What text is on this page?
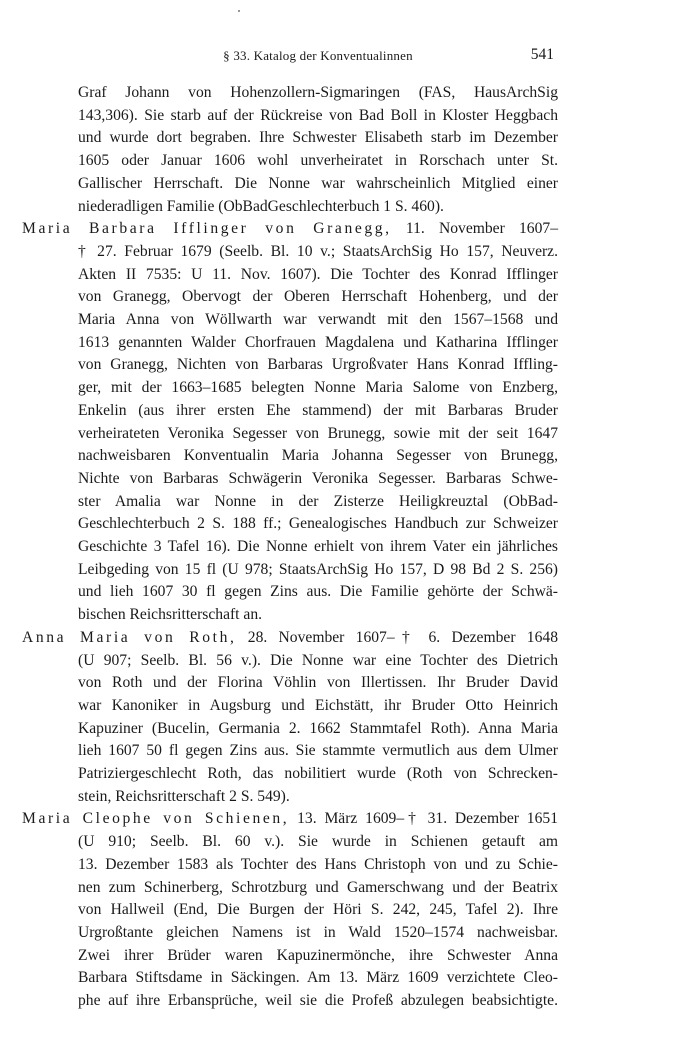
§ 33. Katalog der Konventualinnen	541
Graf Johann von Hohenzollern-Sigmaringen (FAS, HausArchSig
143,306). Sie starb auf der Rückreise von Bad Boll in Kloster Heggbach
und wurde dort begraben. Ihre Schwester Elisabeth starb im Dezember
1605 oder Januar 1606 wohl unverheiratet in Rorschach unter St.
Gallischer Herrschaft. Die Nonne war wahrscheinlich Mitglied einer
niederadligen Familie (ObBadGeschlechterbuch 1 S. 460).
Maria Barbara Ifflinger von Granegg, 11. November 1607–
† 27. Februar 1679 (Seelb. Bl. 10 v.; StaatsArchSig Ho 157, Neuverz.
Akten II 7535: U 11. Nov. 1607). Die Tochter des Konrad Ifflinger
von Granegg, Obervogt der Oberen Herrschaft Hohenberg, und der
Maria Anna von Wöllwarth war verwandt mit den 1567–1568 und
1613 genannten Walder Chorfrauen Magdalena und Katharina Ifflinger
von Granegg, Nichten von Barbaras Urgroßvater Hans Konrad Iffling-
ger, mit der 1663–1685 belegten Nonne Maria Salome von Enzberg,
Enkelin (aus ihrer ersten Ehe stammend) der mit Barbaras Bruder
verheirateten Veronika Segesser von Brunegg, sowie mit der seit 1647
nachweisbaren Konventualin Maria Johanna Segesser von Brunegg,
Nichte von Barbaras Schwägerin Veronika Segesser. Barbaras Schwe-
ster Amalia war Nonne in der Zisterze Heiligkreuztal (ObBad-
Geschlechterbuch 2 S. 188 ff.; Genealogisches Handbuch zur Schweizer
Geschichte 3 Tafel 16). Die Nonne erhielt von ihrem Vater ein jährliches
Leibgeding von 15 fl (U 978; StaatsArchSig Ho 157, D 98 Bd 2 S. 256)
und lieh 1607 30 fl gegen Zins aus. Die Familie gehörte der Schwä-
bischen Reichsritterschaft an.
Anna Maria von Roth, 28. November 1607–† 6. Dezember 1648
(U 907; Seelb. Bl. 56 v.). Die Nonne war eine Tochter des Dietrich
von Roth und der Florina Vöhlin von Illertissen. Ihr Bruder David
war Kanoniker in Augsburg und Eichstätt, ihr Bruder Otto Heinrich
Kapuziner (Bucelin, Germania 2. 1662 Stammtafel Roth). Anna Maria
lieh 1607 50 fl gegen Zins aus. Sie stammte vermutlich aus dem Ulmer
Patriziergeschlecht Roth, das nobilitiert wurde (Roth von Schrecken-
stein, Reichsritterschaft 2 S. 549).
Maria Cleophe von Schienen, 13. März 1609–† 31. Dezember 1651
(U 910; Seelb. Bl. 60 v.). Sie wurde in Schienen getauft am
13. Dezember 1583 als Tochter des Hans Christoph von und zu Schie-
nen zum Schinerberg, Schrotzburg und Gamerschwang und der Beatrix
von Hallweil (End, Die Burgen der Höri S. 242, 245, Tafel 2). Ihre
Urgroßtante gleichen Namens ist in Wald 1520–1574 nachweisbar.
Zwei ihrer Brüder waren Kapuzinermönche, ihre Schwester Anna
Barbara Stiftsdame in Säckingen. Am 13. März 1609 verzichtete Cleo-
phe auf ihre Erbansprüche, weil sie die Profeß abzulegen beabsichtigte.
